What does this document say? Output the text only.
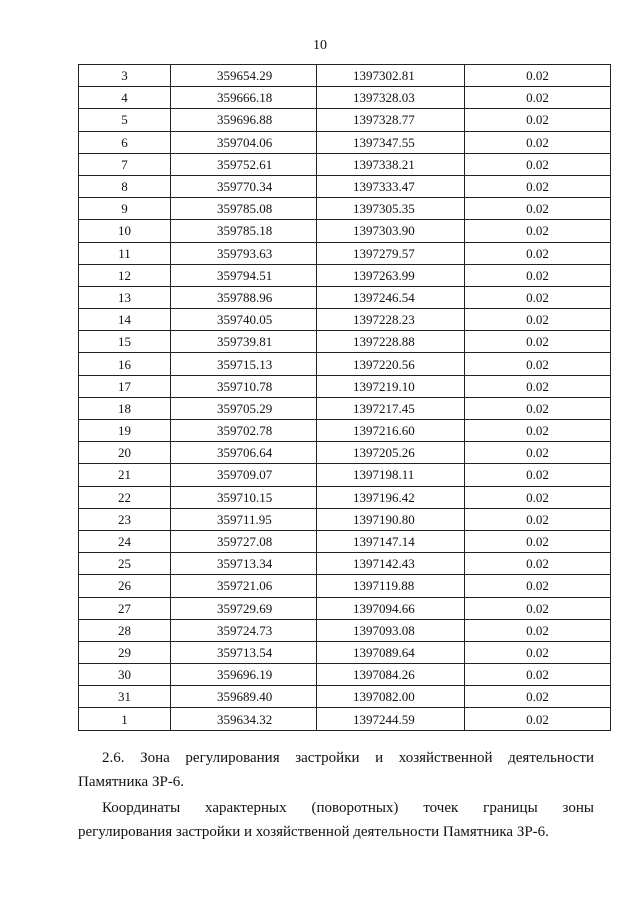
10
3	359654.29	1397302.81	0.02
4	359666.18	1397328.03	0.02
5	359696.88	1397328.77	0.02
6	359704.06	1397347.55	0.02
7	359752.61	1397338.21	0.02
8	359770.34	1397333.47	0.02
9	359785.08	1397305.35	0.02
10	359785.18	1397303.90	0.02
11	359793.63	1397279.57	0.02
12	359794.51	1397263.99	0.02
13	359788.96	1397246.54	0.02
14	359740.05	1397228.23	0.02
15	359739.81	1397228.88	0.02
16	359715.13	1397220.56	0.02
17	359710.78	1397219.10	0.02
18	359705.29	1397217.45	0.02
19	359702.78	1397216.60	0.02
20	359706.64	1397205.26	0.02
21	359709.07	1397198.11	0.02
22	359710.15	1397196.42	0.02
23	359711.95	1397190.80	0.02
24	359727.08	1397147.14	0.02
25	359713.34	1397142.43	0.02
26	359721.06	1397119.88	0.02
27	359729.69	1397094.66	0.02
28	359724.73	1397093.08	0.02
29	359713.54	1397089.64	0.02
30	359696.19	1397084.26	0.02
31	359689.40	1397082.00	0.02
1	359634.32	1397244.59	0.02
2.6. Зона регулирования застройки и хозяйственной деятельности
Памятника ЗР-6.
Координаты характерных (поворотных) точек границы зоны
регулирования застройки и хозяйственной деятельности Памятника ЗР-6.
